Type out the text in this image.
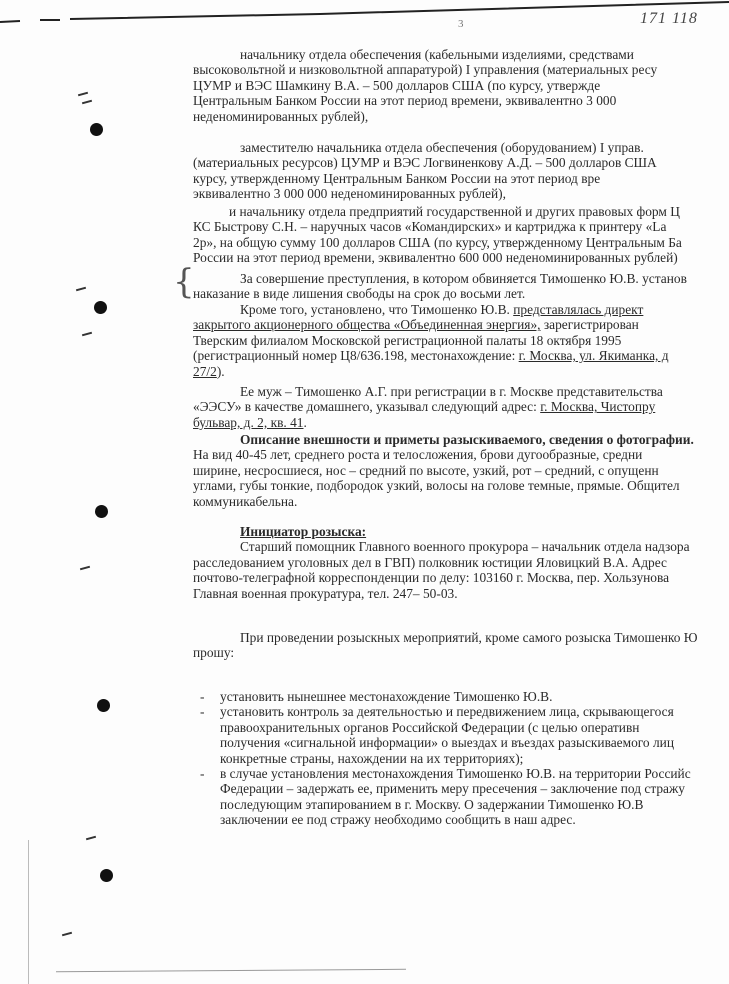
3	171 118
{
начальнику отдела обеспечения (кабельными изделиями, средствами
высоковольтной и низковольтной аппаратурой) I управления (материальных ресу
ЦУМР и ВЭС Шамкину В.А. – 500 долларов США (по курсу, утвержде
Центральным Банком России на этот период времени, эквивалентно 3 000
неденоминированных рублей),
заместителю начальника отдела обеспечения (оборудованием) I управ.
(материальных ресурсов) ЦУМР и ВЭС Логвиненкову А.Д. – 500 долларов США
курсу, утвержденному Центральным Банком России на этот период вре
эквивалентно 3 000 000 неденоминированных рублей),
и начальнику отдела предприятий государственной и других правовых форм Ц
КС Быстрову С.Н. – наручных часов «Командирских» и картриджа к принтеру «La
2р», на общую сумму 100 долларов США (по курсу, утвержденному Центральным Ба
России на этот период времени, эквивалентно 600 000 неденоминированных рублей)
За совершение преступления, в котором обвиняется Тимошенко Ю.В. установ
наказание в виде лишения свободы на срок до восьми лет.
Кроме того, установлено, что Тимошенко Ю.В. представлялась директ
закрытого акционерного общества «Объединенная энергия», зарегистрирован
Тверским филиалом Московской регистрационной палаты 18 октября 1995
(регистрационный номер Ц8/636.198, местонахождение: г. Москва, ул. Якиманка, д
27/2).
Ее муж – Тимошенко А.Г. при регистрации в г. Москве представительства
«ЭЭСУ» в качестве домашнего, указывал следующий адрес: г. Москва, Чистопру
бульвар, д. 2, кв. 41.
Описание внешности и приметы разыскиваемого, сведения о фотографии.
На вид 40-45 лет, среднего роста и телосложения, брови дугообразные, средни
ширине, несросшиеся, нос – средний по высоте, узкий, рот – средний, с опущенн
углами, губы тонкие, подбородок узкий, волосы на голове темные, прямые. Общител
коммуникабельна.
Инициатор розыска:
Старший помощник Главного военного прокурора – начальник отдела надзора
расследованием уголовных дел в ГВП) полковник юстиции Яловицкий В.А. Адрес
почтово-телеграфной корреспонденции по делу: 103160 г. Москва, пер. Хользунова
Главная военная прокуратура, тел. 247– 50-03.
При проведении розыскных мероприятий, кроме самого розыска Тимошенко Ю
прошу:
- установить нынешнее местонахождение Тимошенко Ю.В.
- установить контроль за деятельностью и передвижением лица, скрывающегося
правоохранительных органов Российской Федерации (с целью оперативн
получения «сигнальной информации» о выездах и въездах разыскиваемого лиц
конкретные страны, нахождении на их территориях);
- в случае установления местонахождения Тимошенко Ю.В. на территории Российс
Федерации – задержать ее, применить меру пресечения – заключение под стражу
последующим этапированием в г. Москву. О задержании Тимошенко Ю.В
заключении ее под стражу необходимо сообщить в наш адрес.
